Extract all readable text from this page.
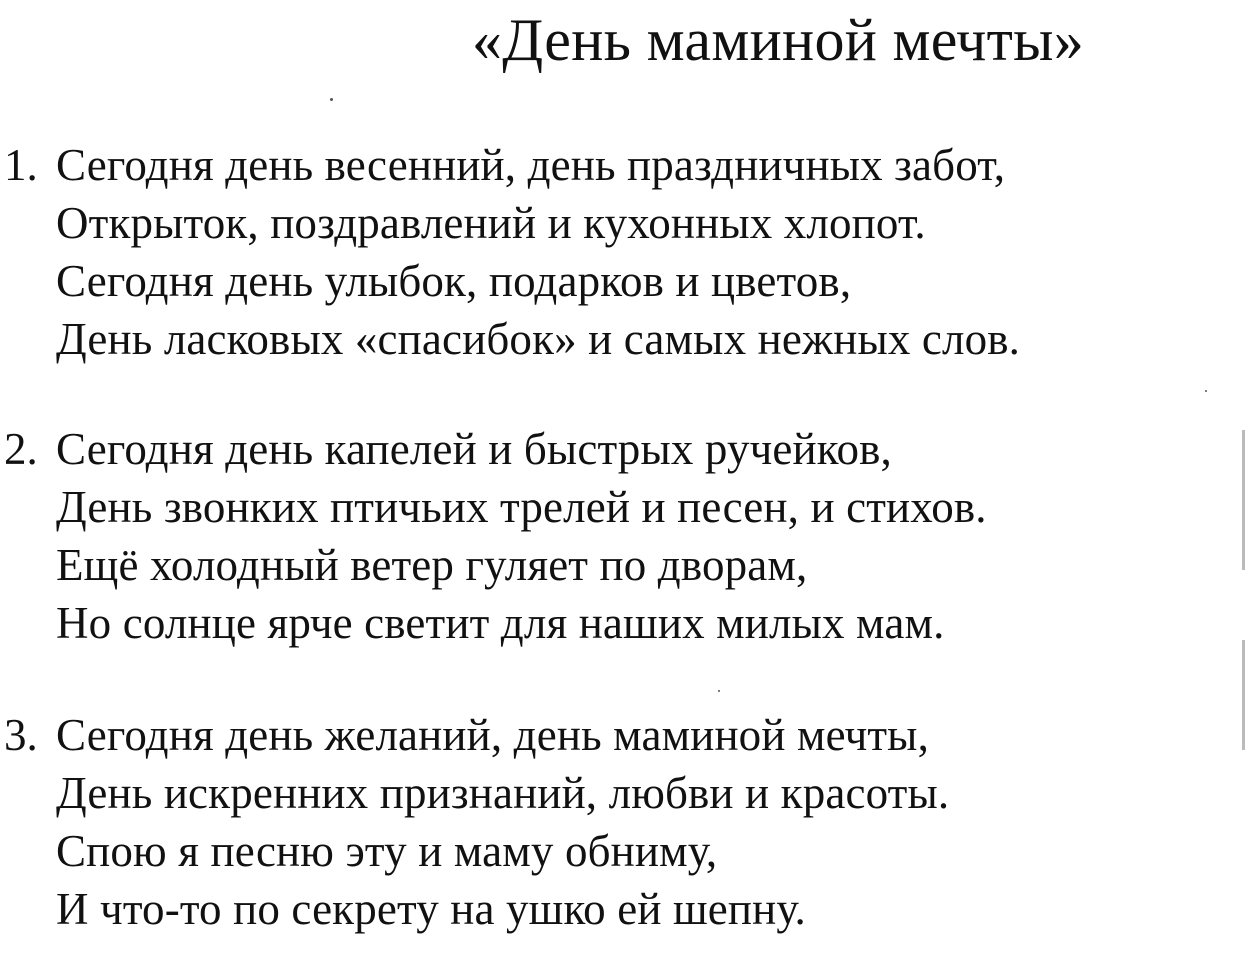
«День маминой мечты»
1. Сегодня день весенний, день праздничных забот,
Открыток, поздравлений и кухонных хлопот.
Сегодня день улыбок, подарков и цветов,
День ласковых «спасибок» и самых нежных слов.
2. Сегодня день капелей и быстрых ручейков,
День звонких птичьих трелей и песен, и стихов.
Ещё холодный ветер гуляет по дворам,
Но солнце ярче светит для наших милых мам.
3. Сегодня день желаний, день маминой мечты,
День искренних признаний, любви и красоты.
Спою я песню эту и маму обниму,
И что-то по секрету на ушко ей шепну.
